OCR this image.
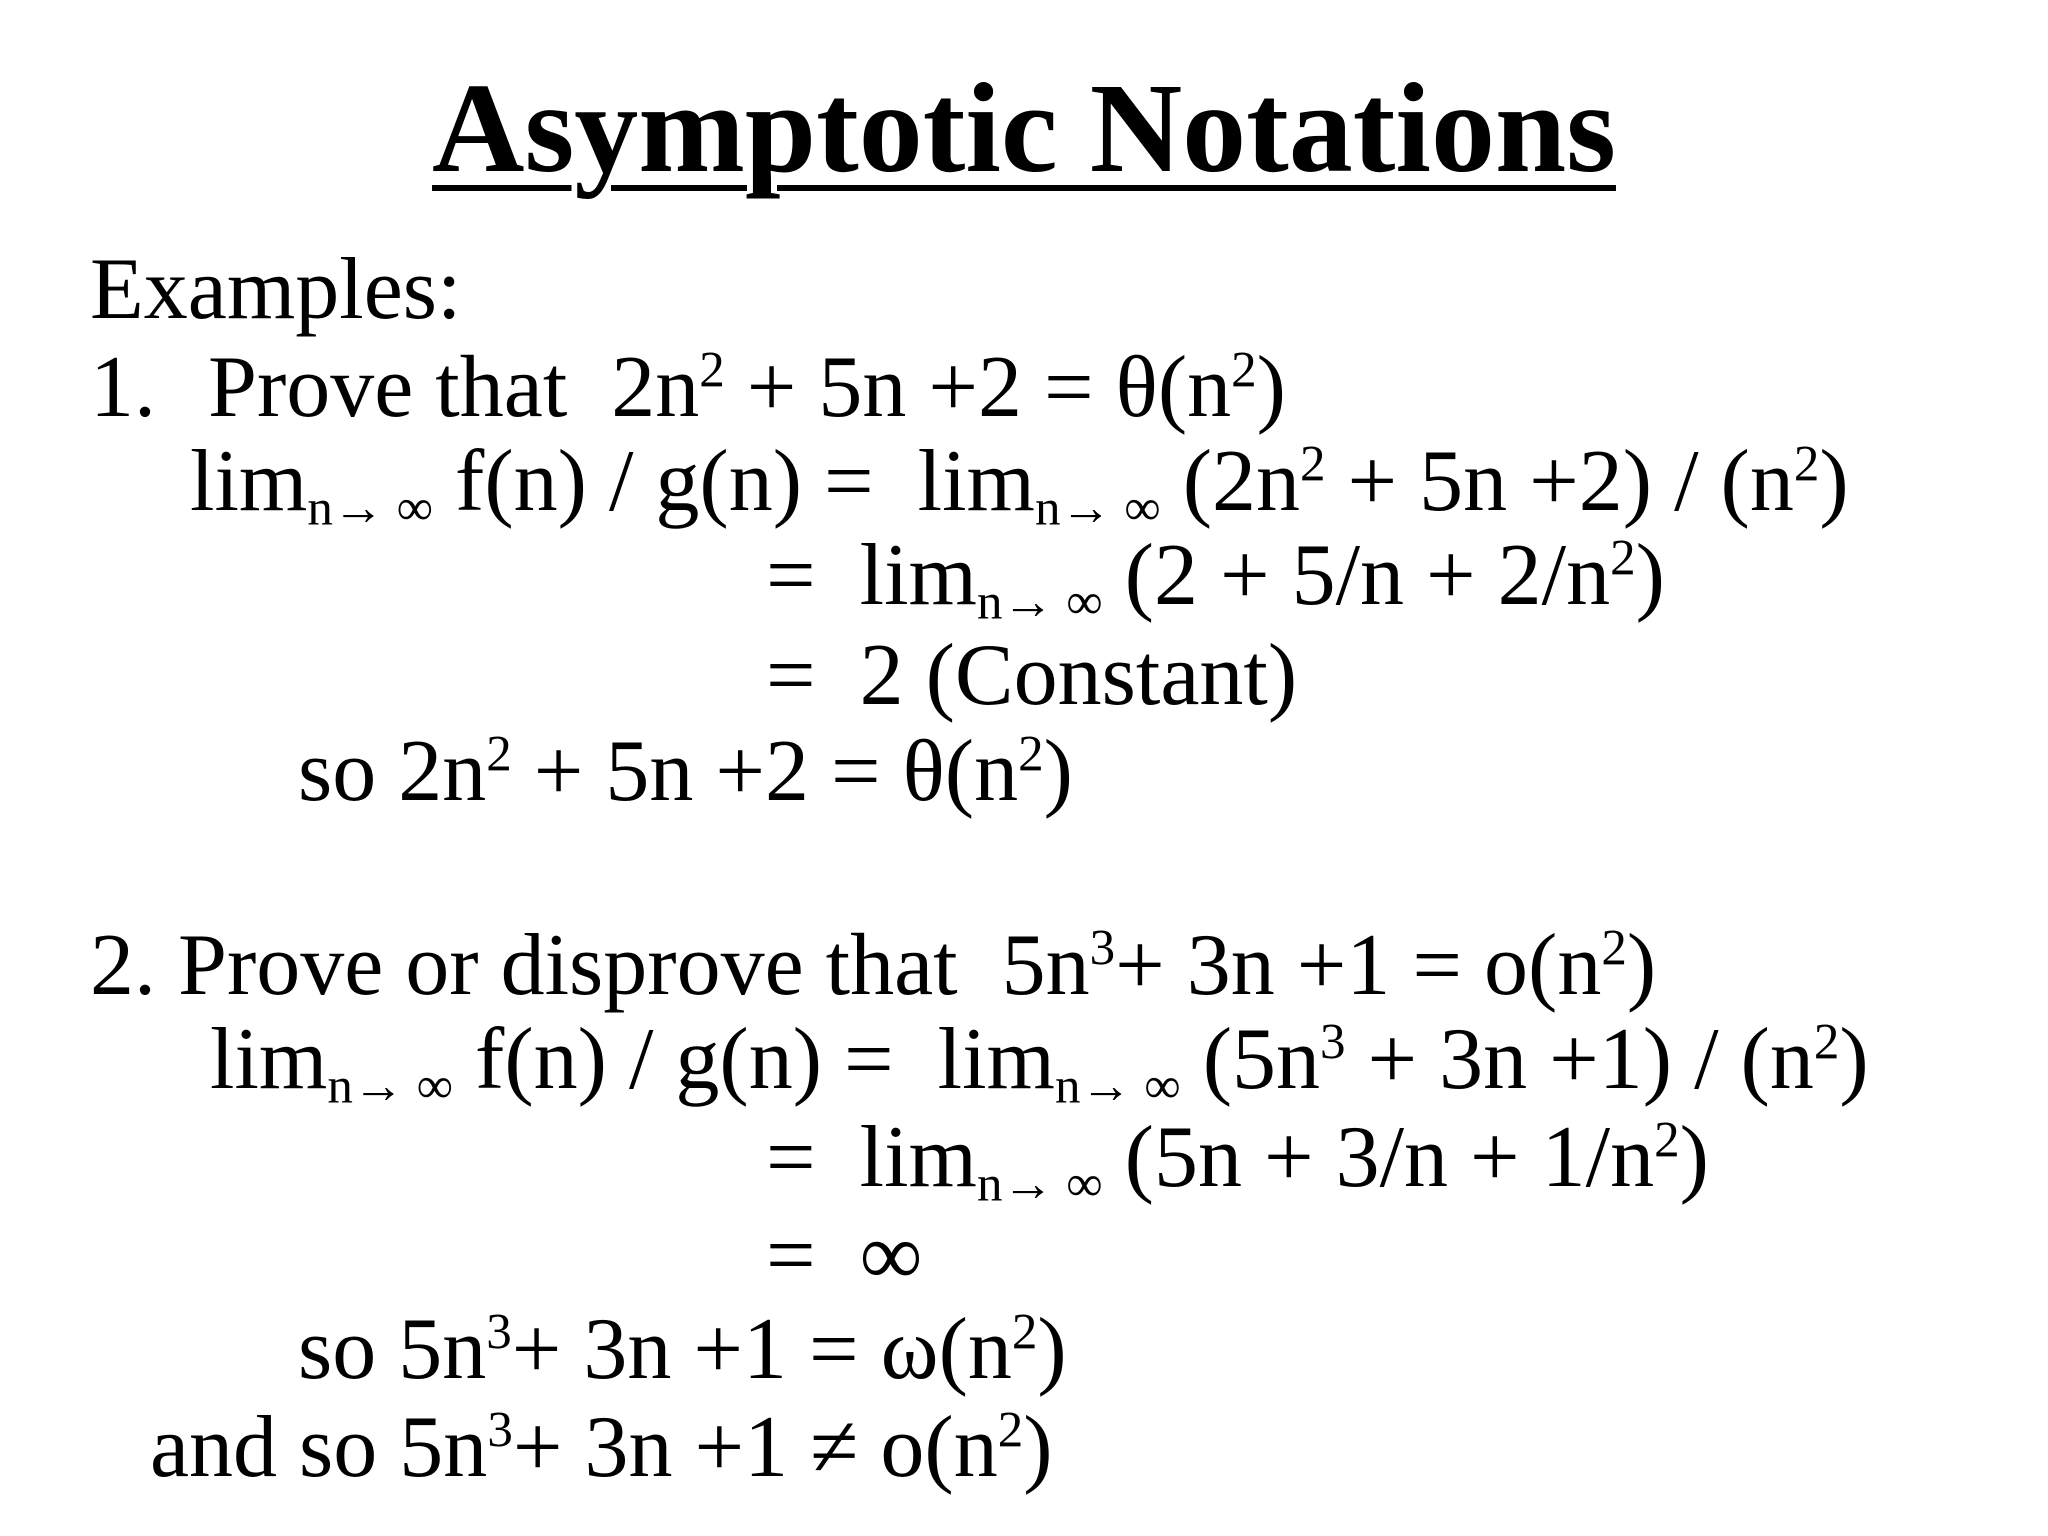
Asymptotic Notations
Examples:
1. Prove that  $2n^2 + 5n +2 = \theta(n^2)$
$\lim_{n\to \infty} f(n) / g(n) = \lim_{n\to \infty} (2n^2 + 5n +2) / (n^2)$
=  $\lim_{n\to \infty} (2 + 5/n + 2/n^2)$
=  2 (Constant)
so $2n^2 + 5n +2 = \theta(n^2)$
2. Prove or disprove that  $5n^3+ 3n +1 = o(n^2)$
$\lim_{n\to \infty} f(n) / g(n) = \lim_{n\to \infty} (5n^3 + 3n +1) / (n^2)$
=  $\lim_{n\to \infty} (5n + 3/n + 1/n^2)$
=  ∞
so $5n^3+ 3n +1 = \omega(n^2)$
and so $5n^3+ 3n +1 \ne o(n^2)$
